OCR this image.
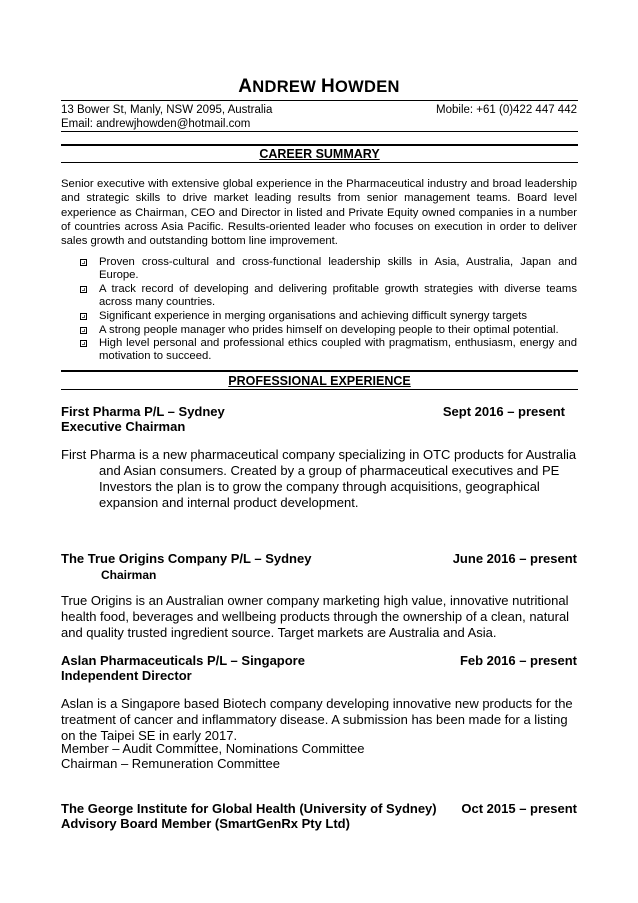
ANDREW HOWDEN
13 Bower St, Manly, NSW 2095, Australia	Mobile: +61 (0)422 447 442
Email: andrewjhowden@hotmail.com
CAREER SUMMARY
Senior executive with extensive global experience in the Pharmaceutical industry and broad leadership and strategic skills to drive market leading results from senior management teams. Board level experience as Chairman, CEO and Director in listed and Private Equity owned companies in a number of countries across Asia Pacific. Results-oriented leader who focuses on execution in order to deliver sales growth and outstanding bottom line improvement.
Proven cross-cultural and cross-functional leadership skills in Asia, Australia, Japan and Europe.
A track record of developing and delivering profitable growth strategies with diverse teams across many countries.
Significant experience in merging organisations and achieving difficult synergy targets
A strong people manager who prides himself on developing people to their optimal potential.
High level personal and professional ethics coupled with pragmatism, enthusiasm, energy and motivation to succeed.
PROFESSIONAL EXPERIENCE
First Pharma P/L – Sydney	Sept 2016 – present
Executive Chairman
First Pharma is a new pharmaceutical company specializing in OTC products for Australia
and Asian consumers. Created by a group of pharmaceutical executives and PE Investors the plan is to grow the company through acquisitions, geographical expansion and internal product development.
The True Origins Company P/L – Sydney	June 2016 – present
Chairman
True Origins is an Australian owner company marketing high value, innovative nutritional health food, beverages and wellbeing products through the ownership of a clean, natural and quality trusted ingredient source. Target markets are Australia and Asia.
Aslan Pharmaceuticals P/L – Singapore	Feb 2016 – present
Independent Director
Aslan is a Singapore based Biotech company developing innovative new products for the treatment of cancer and inflammatory disease. A submission has been made for a listing on the Taipei SE in early 2017.
Member – Audit Committee, Nominations Committee
Chairman – Remuneration Committee
The George Institute for Global Health (University of Sydney) Oct 2015 – present
Advisory Board Member (SmartGenRx Pty Ltd)
